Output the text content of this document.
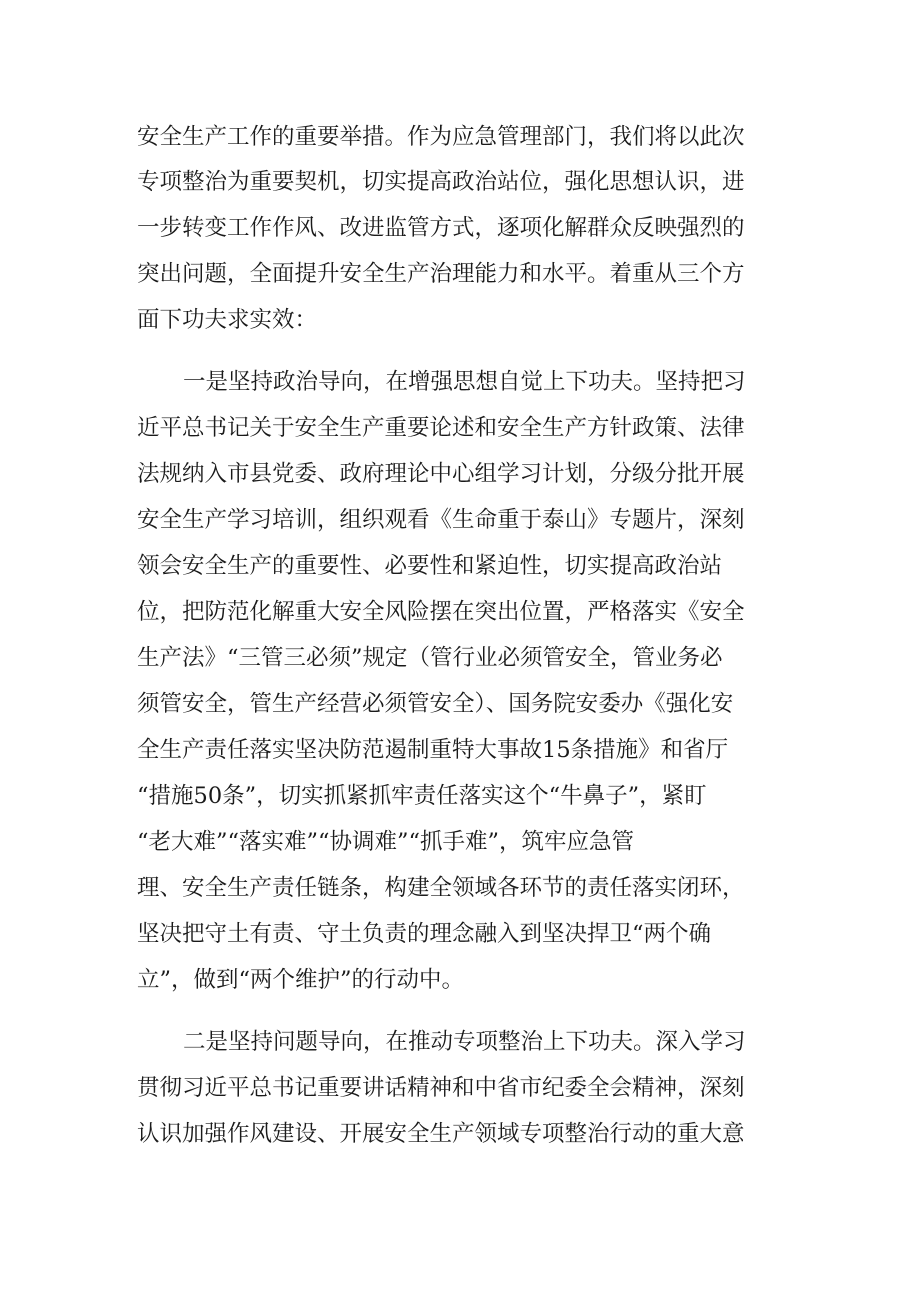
安全生产工作的重要举措。作为应急管理部门，我们将以此次
专项整治为重要契机，切实提高政治站位，强化思想认识，进
一步转变工作作风、改进监管方式，逐项化解群众反映强烈的
突出问题，全面提升安全生产治理能力和水平。着重从三个方
面下功夫求实效：
一是坚持政治导向，在增强思想自觉上下功夫。坚持把习
近平总书记关于安全生产重要论述和安全生产方针政策、法律
法规纳入市县党委、政府理论中心组学习计划，分级分批开展
安全生产学习培训，组织观看《生命重于泰山》专题片，深刻
领会安全生产的重要性、必要性和紧迫性，切实提高政治站
位，把防范化解重大安全风险摆在突出位置，严格落实《安全
生产法》“三管三必须”规定（管行业必须管安全，管业务必
须管安全，管生产经营必须管安全）、国务院安委办《强化安
全生产责任落实坚决防范遏制重特大事故15条措施》和省厅
“措施50条”，切实抓紧抓牢责任落实这个“牛鼻子”，紧盯
“老大难”“落实难”“协调难”“抓手难”，筑牢应急管
理、安全生产责任链条，构建全领域各环节的责任落实闭环，
坚决把守土有责、守土负责的理念融入到坚决捍卫“两个确
立”，做到“两个维护”的行动中。
二是坚持问题导向，在推动专项整治上下功夫。深入学习
贯彻习近平总书记重要讲话精神和中省市纪委全会精神，深刻
认识加强作风建设、开展安全生产领域专项整治行动的重大意
